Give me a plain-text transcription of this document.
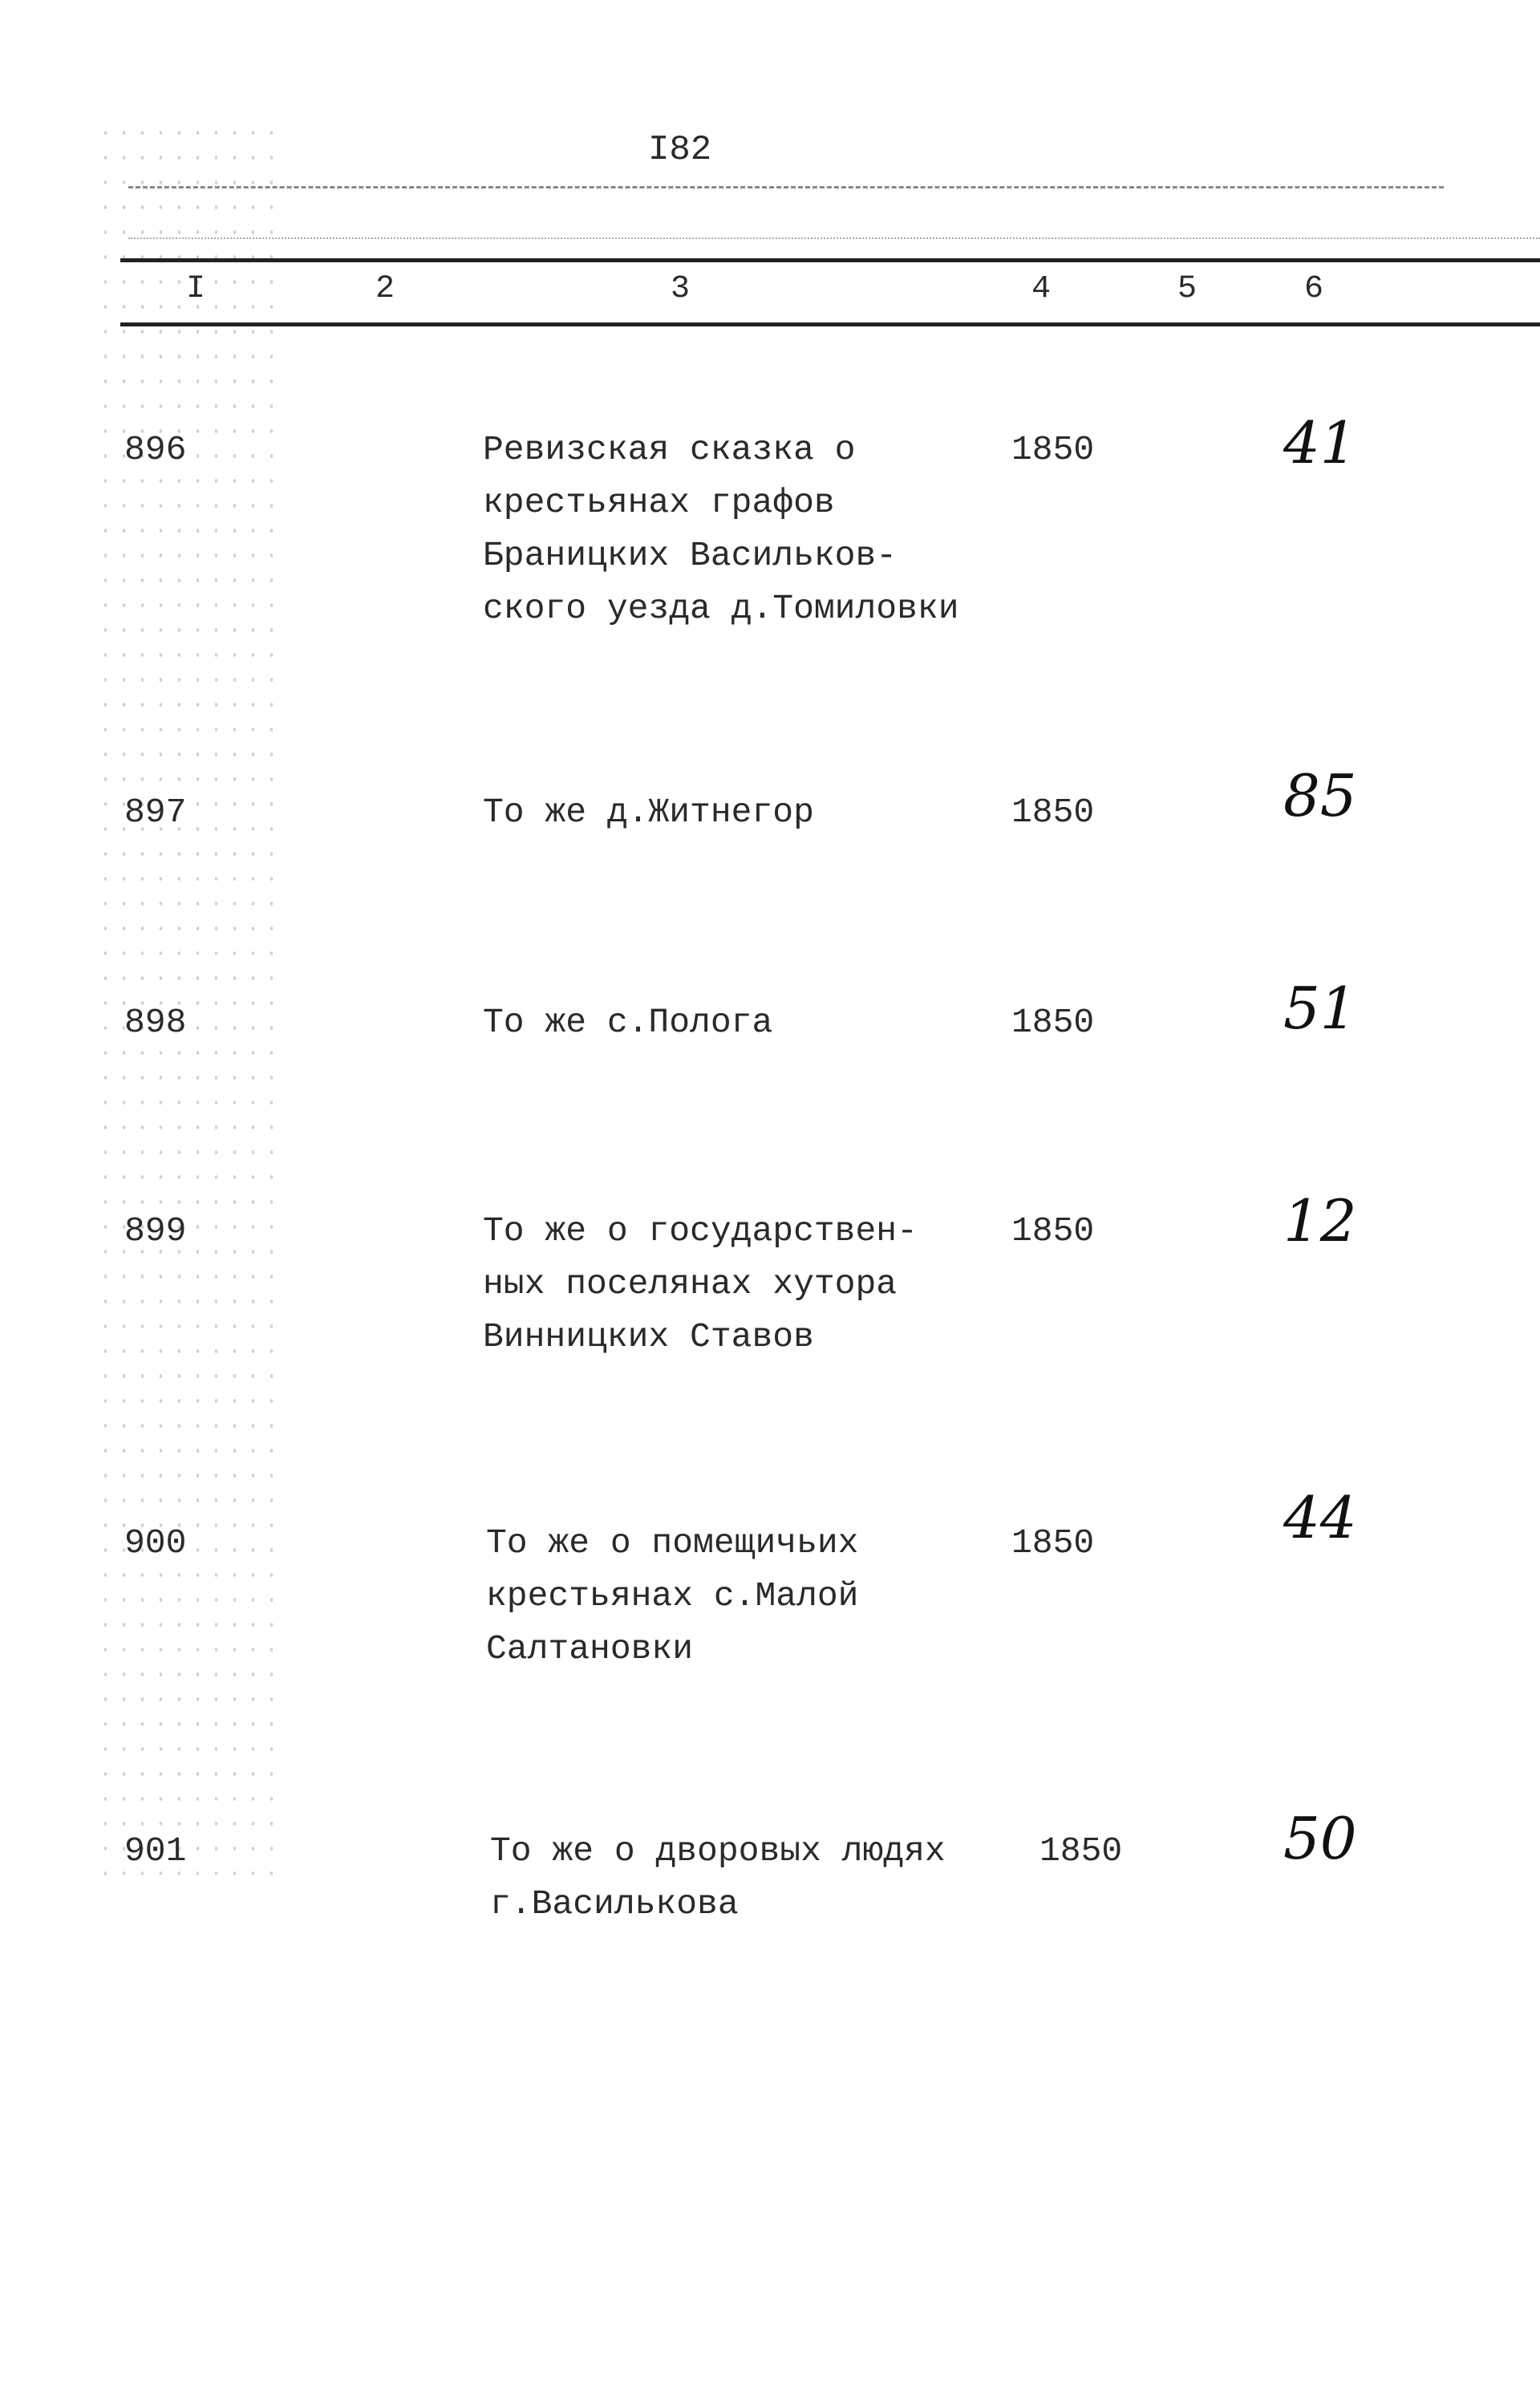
I82
I	2	3	4	5	6
896	Ревизская сказка о
крестьянах графов
Браницких Васильков-
ского уезда д.Томиловки
1850	41
897	То же д.Житнегор	1850	85
898	То же с.Полога	1850	51
899	То же о государствен-
ных поселянах хутора
Винницких Ставов
1850	12
900	То же о помещичьих
крестьянах с.Малой
Салтановки
1850	44
901	То же о дворовых людях
г.Василькова
1850	50
